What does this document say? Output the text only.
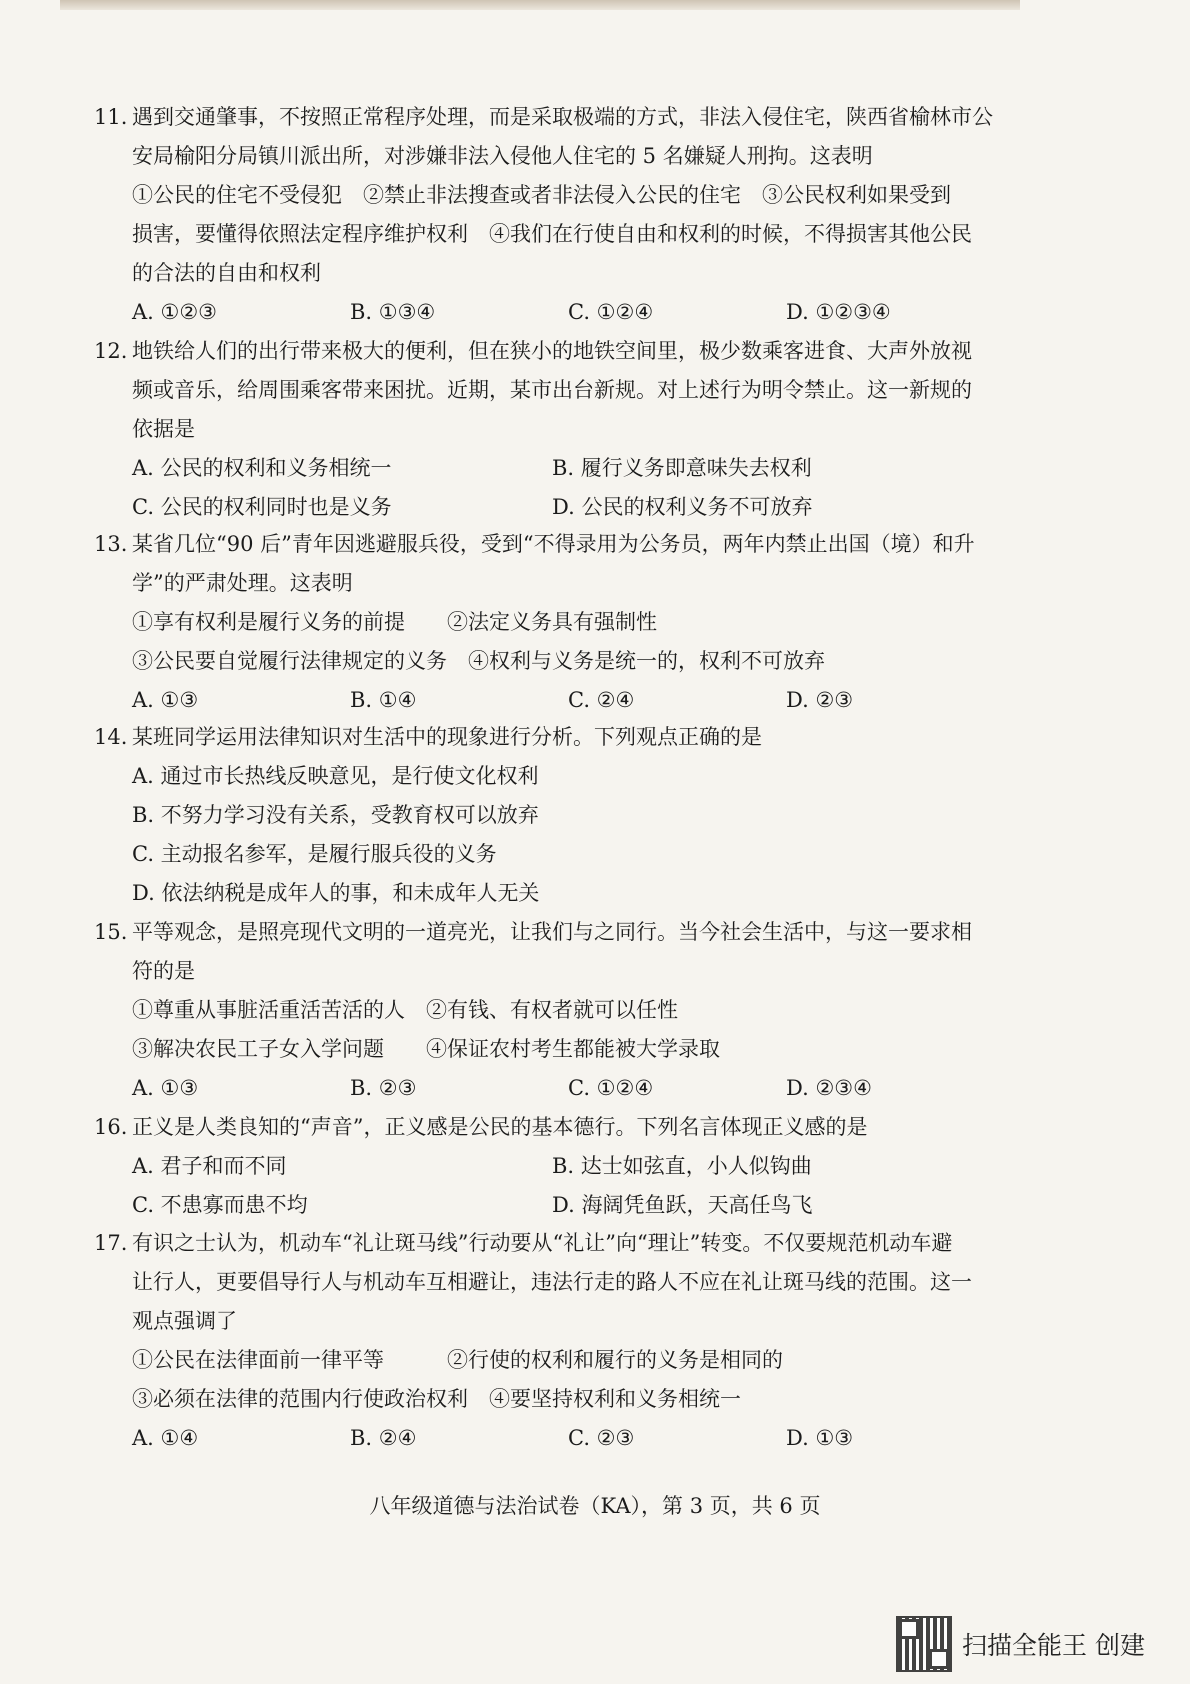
11. 遇到交通肇事，不按照正常程序处理，而是采取极端的方式，非法入侵住宅，陕西省榆林市公
安局榆阳分局镇川派出所，对涉嫌非法入侵他人住宅的 5 名嫌疑人刑拘。这表明
①公民的住宅不受侵犯　②禁止非法搜查或者非法侵入公民的住宅　③公民权利如果受到
损害，要懂得依照法定程序维护权利　④我们在行使自由和权利的时候，不得损害其他公民
的合法的自由和权利
A. ①②③	B. ①③④	C. ①②④	D. ①②③④
12. 地铁给人们的出行带来极大的便利，但在狭小的地铁空间里，极少数乘客进食、大声外放视
频或音乐，给周围乘客带来困扰。近期，某市出台新规。对上述行为明令禁止。这一新规的
依据是
A. 公民的权利和义务相统一	B. 履行义务即意味失去权利
C. 公民的权利同时也是义务	D. 公民的权利义务不可放弃
13. 某省几位“90 后”青年因逃避服兵役，受到“不得录用为公务员，两年内禁止出国（境）和升
学”的严肃处理。这表明
①享有权利是履行义务的前提　　②法定义务具有强制性
③公民要自觉履行法律规定的义务　④权利与义务是统一的，权利不可放弃
A. ①③	B. ①④	C. ②④	D. ②③
14. 某班同学运用法律知识对生活中的现象进行分析。下列观点正确的是
A. 通过市长热线反映意见，是行使文化权利
B. 不努力学习没有关系，受教育权可以放弃
C. 主动报名参军，是履行服兵役的义务
D. 依法纳税是成年人的事，和未成年人无关
15. 平等观念，是照亮现代文明的一道亮光，让我们与之同行。当今社会生活中，与这一要求相
符的是
①尊重从事脏活重活苦活的人　②有钱、有权者就可以任性
③解决农民工子女入学问题　　④保证农村考生都能被大学录取
A. ①③	B. ②③	C. ①②④	D. ②③④
16. 正义是人类良知的“声音”，正义感是公民的基本德行。下列名言体现正义感的是
A. 君子和而不同	B. 达士如弦直，小人似钩曲
C. 不患寡而患不均	D. 海阔凭鱼跃，天高任鸟飞
17. 有识之士认为，机动车“礼让斑马线”行动要从“礼让”向“理让”转变。不仅要规范机动车避
让行人，更要倡导行人与机动车互相避让，违法行走的路人不应在礼让斑马线的范围。这一
观点强调了
①公民在法律面前一律平等　　　②行使的权利和履行的义务是相同的
③必须在法律的范围内行使政治权利　④要坚持权利和义务相统一
A. ①④	B. ②④	C. ②③	D. ①③
八年级道德与法治试卷（KA），第 3 页，共 6 页
扫描全能王 创建
